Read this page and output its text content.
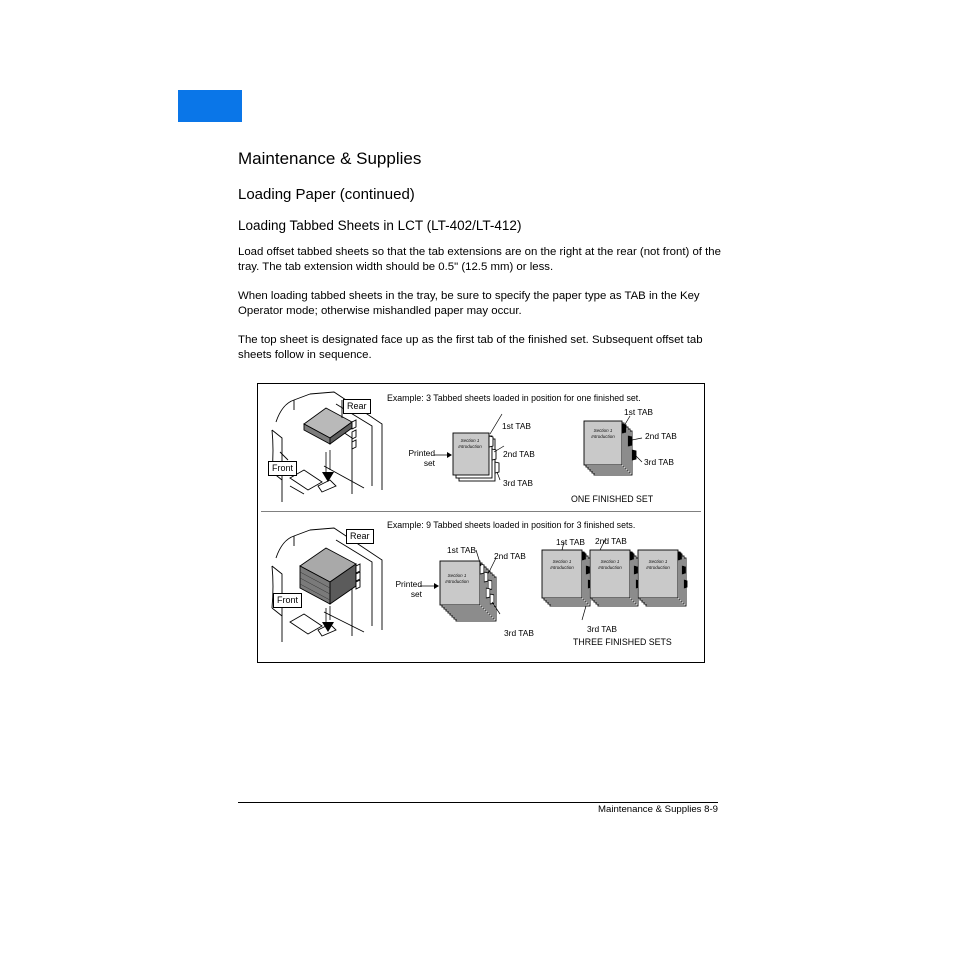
Maintenance & Supplies
Loading Paper (continued)
Loading Tabbed Sheets in LCT (LT-402/LT-412)
Load offset tabbed sheets so that the tab extensions are on the right at the rear (not front) of the tray. The tab extension width should be 0.5" (12.5 mm) or less.
When loading tabbed sheets in the tray, be sure to specify the paper type as TAB in the Key Operator mode; otherwise mishandled paper may occur.
The top sheet is designated face up as the first tab of the finished set. Subsequent offset tab sheets follow in sequence.
Rear
Front
Example: 3 Tabbed sheets loaded in position for one finished set.
Section 1
Introduction
Printed
set
1st TAB
2nd TAB
3rd TAB
Section 1
Introduction
1st TAB
2nd TAB
3rd TAB
ONE FINISHED SET
Rear
Front
Example: 9 Tabbed sheets loaded in position for 3 finished sets.
Section 1
Introduction
Printed
set
1st TAB
2nd TAB
3rd TAB
Section 1
Introduction
Section 1
Introduction
Section 1
Introduction
1st TAB 2nd TAB
3rd TAB
THREE FINISHED SETS
Maintenance & Supplies 8-9
